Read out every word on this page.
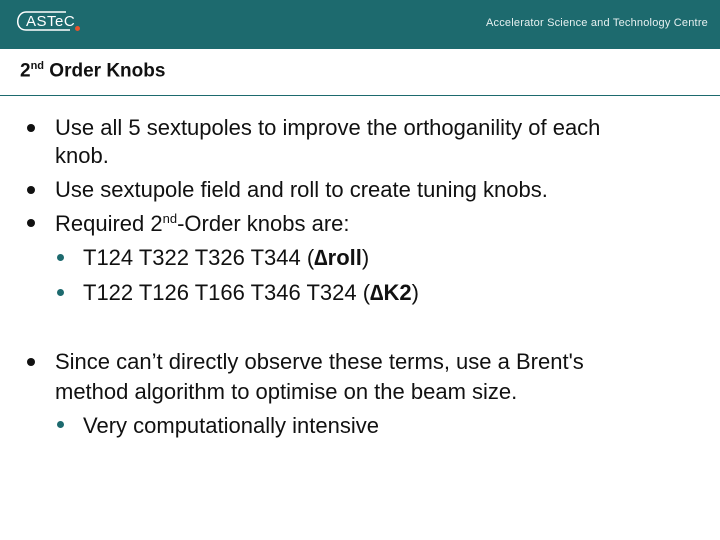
ASTeC	Accelerator Science and Technology Centre
2nd Order Knobs
Use all 5 sextupoles to improve the orthoganility of each
knob.
Use sextupole field and roll to create tuning knobs.
Required 2nd-Order knobs are:
T124 T322 T326 T344 (∆roll)
T122 T126 T166 T346 T324 (∆K2)
Since can’t directly observe these terms, use a Brent's
method algorithm to optimise on the beam size.
Very computationally intensive
